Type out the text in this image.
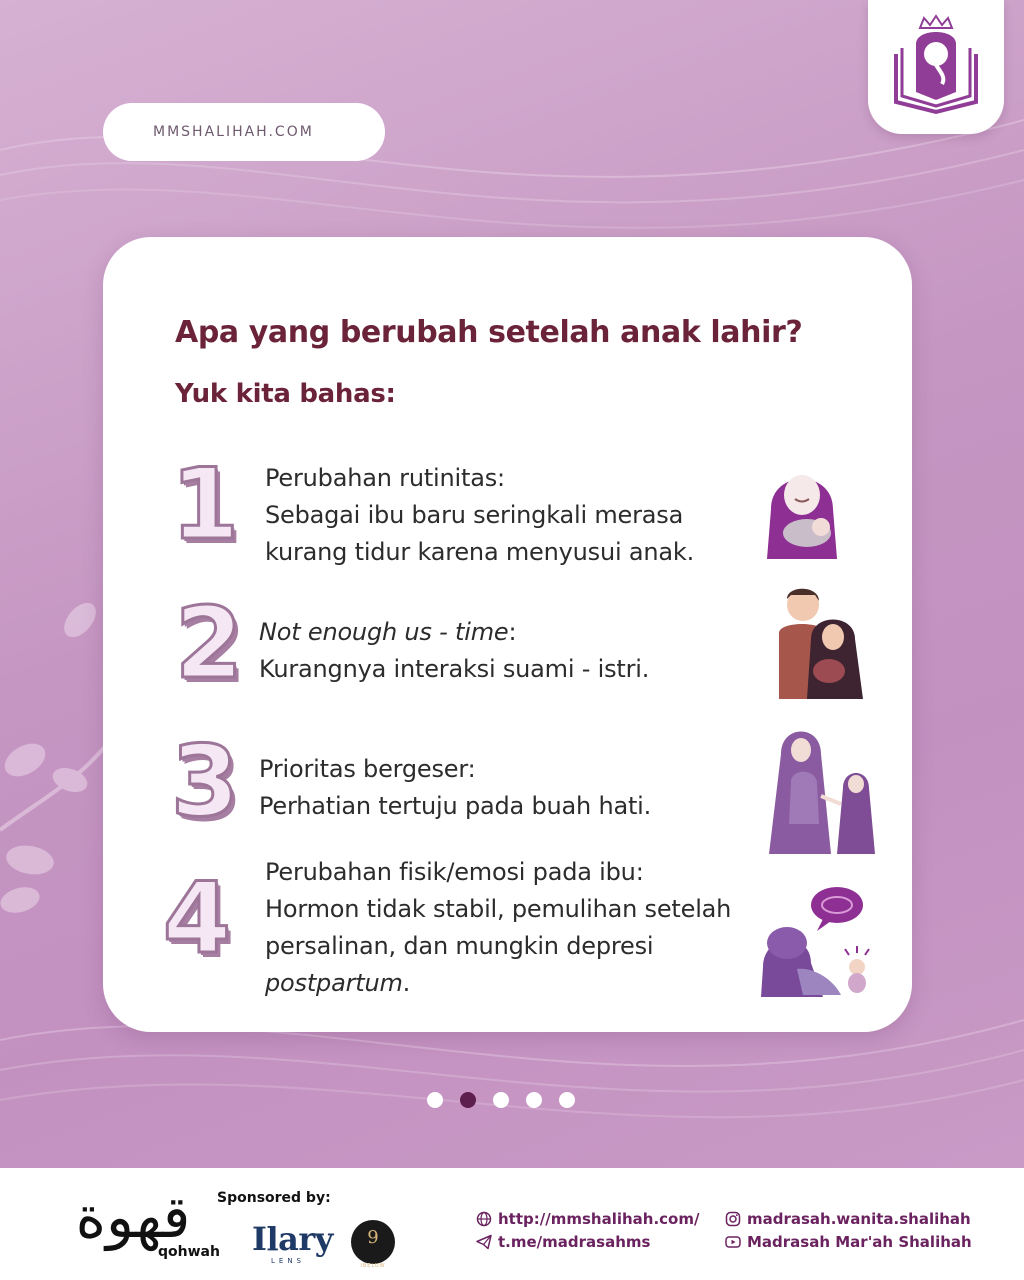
MMSHALIHAH.COM
Apa yang berubah setelah anak lahir?
Yuk kita bahas:
1	Perubahan rutinitas:
Sebagai ibu baru seringkali merasa
kurang tidur karena menyusui anak.
2 Not enough us - time:
Kurangnya interaksi suami - istri.
3 Prioritas bergeser:
Perhatian tertuju pada buah hati.
4	Perubahan fisik/emosi pada ibu:
Hormon tidak stabil, pemulihan setelah
persalinan, dan mungkin depresi
postpartum.
قهوة
qohwah
Sponsored by:
Ilary
LENS
9
IBELUW
http://mmshalihah.com/
t.me/madrasahms
madrasah.wanita.shalihah
Madrasah Mar'ah Shalihah
